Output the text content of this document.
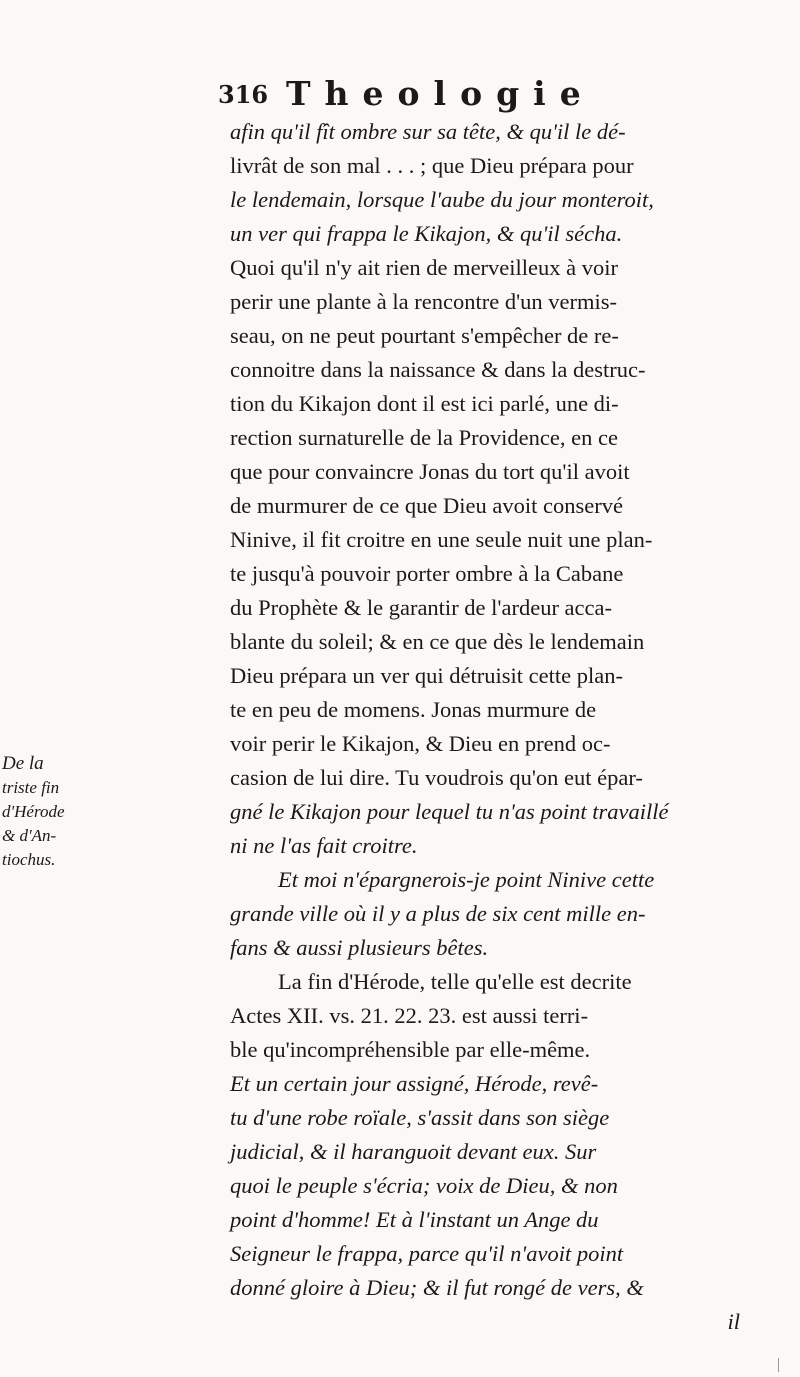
316 Theologie
De la
triste fin
d'Hérode
& d'An-
tiochus.
afin qu'il fît ombre sur sa tête, & qu'il le dé-
livrât de son mal . . . ; que Dieu prépara pour
le lendemain, lorsque l'aube du jour monteroit,
un ver qui frappa le Kikajon, & qu'il sécha.
Quoi qu'il n'y ait rien de merveilleux à voir
perir une plante à la rencontre d'un vermis-
seau, on ne peut pourtant s'empêcher de re-
connoitre dans la naissance & dans la destruc-
tion du Kikajon dont il est ici parlé, une di-
rection surnaturelle de la Providence, en ce
que pour convaincre Jonas du tort qu'il avoit
de murmurer de ce que Dieu avoit conservé
Ninive, il fit croitre en une seule nuit une plan-
te jusqu'à pouvoir porter ombre à la Cabane
du Prophète & le garantir de l'ardeur acca-
blante du soleil; & en ce que dès le lendemain
Dieu prépara un ver qui détruisit cette plan-
te en peu de momens. Jonas murmure de
voir perir le Kikajon, & Dieu en prend oc-
casion de lui dire. Tu voudrois qu'on eut épar-
gné le Kikajon pour lequel tu n'as point travaillé
ni ne l'as fait croitre.
Et moi n'épargnerois-je point Ninive cette
grande ville où il y a plus de six cent mille en-
fans & aussi plusieurs bêtes.
La fin d'Hérode, telle qu'elle est decrite
Actes XII. vs. 21. 22. 23. est aussi terri-
ble qu'incompréhensible par elle-même.
Et un certain jour assigné, Hérode, revê-
tu d'une robe roïale, s'assit dans son siège
judicial, & il haranguoit devant eux. Sur
quoi le peuple s'écria; voix de Dieu, & non
point d'homme! Et à l'instant un Ange du
Seigneur le frappa, parce qu'il n'avoit point
donné gloire à Dieu; & il fut rongé de vers, &
il
